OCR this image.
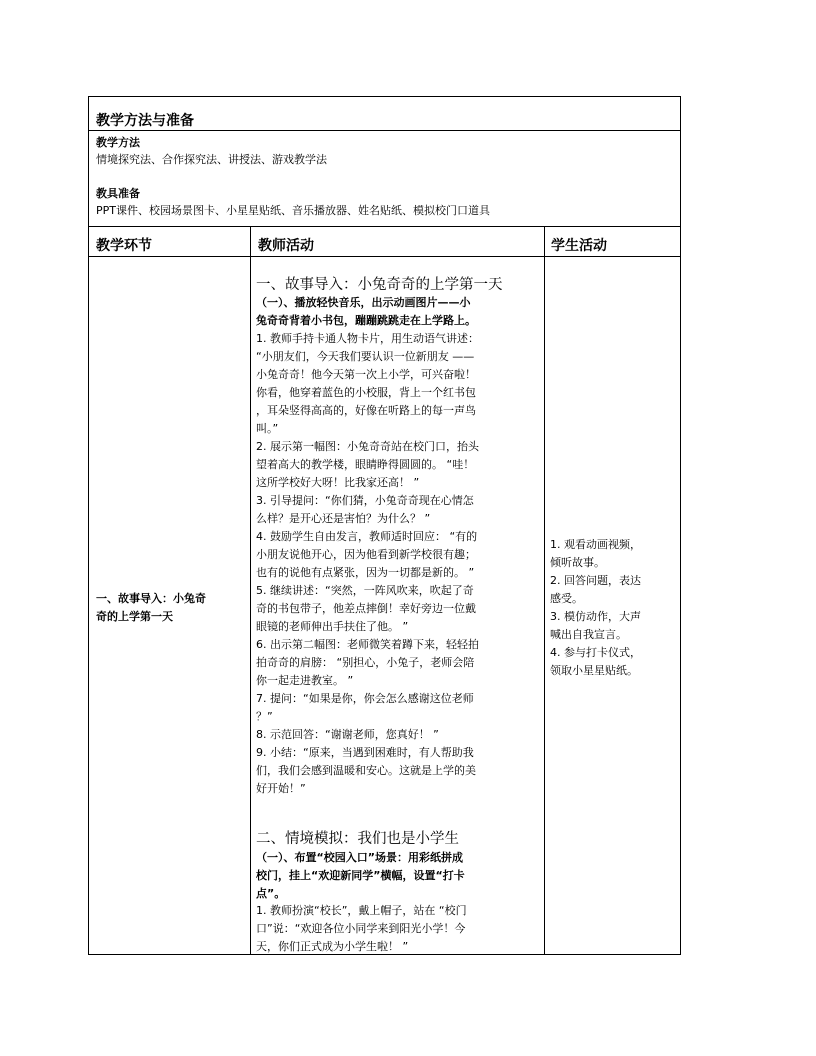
教学方法与准备
教学方法
情境探究法、合作探究法、讲授法、游戏教学法
教具准备
PPT课件、校园场景图卡、小星星贴纸、音乐播放器、姓名贴纸、模拟校门口道具
教学环节	教师活动	学生活动
一、故事导入：小兔奇
奇的上学第一天
一、故事导入：小兔奇奇的上学第一天
（一）、播放轻快音乐，出示动画图片——小
兔奇奇背着小书包，蹦蹦跳跳走在上学路上。
1. 教师手持卡通人物卡片，用生动语气讲述：
“小朋友们，今天我们要认识一位新朋友 ——
小兔奇奇！他今天第一次上小学，可兴奋啦！
你看，他穿着蓝色的小校服，背上一个红书包
，耳朵竖得高高的，好像在听路上的每一声鸟
叫。”
2. 展示第一幅图：小兔奇奇站在校门口，抬头
望着高大的教学楼，眼睛睁得圆圆的。 “哇！
这所学校好大呀！比我家还高！ ”
3. 引导提问：“你们猜，小兔奇奇现在心情怎
么样？是开心还是害怕？为什么？ ”
4. 鼓励学生自由发言，教师适时回应： “有的
小朋友说他开心，因为他看到新学校很有趣；
也有的说他有点紧张，因为一切都是新的。 ”
5. 继续讲述：“突然，一阵风吹来，吹起了奇
奇的书包带子，他差点摔倒！幸好旁边一位戴
眼镜的老师伸出手扶住了他。 ”
6. 出示第二幅图：老师微笑着蹲下来，轻轻拍
拍奇奇的肩膀： “别担心，小兔子，老师会陪
你一起走进教室。 ”
7. 提问：“如果是你，你会怎么感谢这位老师
？”
8. 示范回答：“谢谢老师，您真好！ ”
9. 小结：“原来，当遇到困难时，有人帮助我
们，我们会感到温暖和安心。这就是上学的美
好开始！”
二、情境模拟：我们也是小学生
（一）、布置“校园入口”场景：用彩纸拼成
校门，挂上“欢迎新同学”横幅，设置“打卡
点”。
1. 教师扮演“校长”，戴上帽子，站在 “校门
口”说：“欢迎各位小同学来到阳光小学！今
天，你们正式成为小学生啦！ ”
1. 观看动画视频，
倾听故事。
2. 回答问题，表达
感受。
3. 模仿动作，大声
喊出自我宣言。
4. 参与打卡仪式，
领取小星星贴纸。
